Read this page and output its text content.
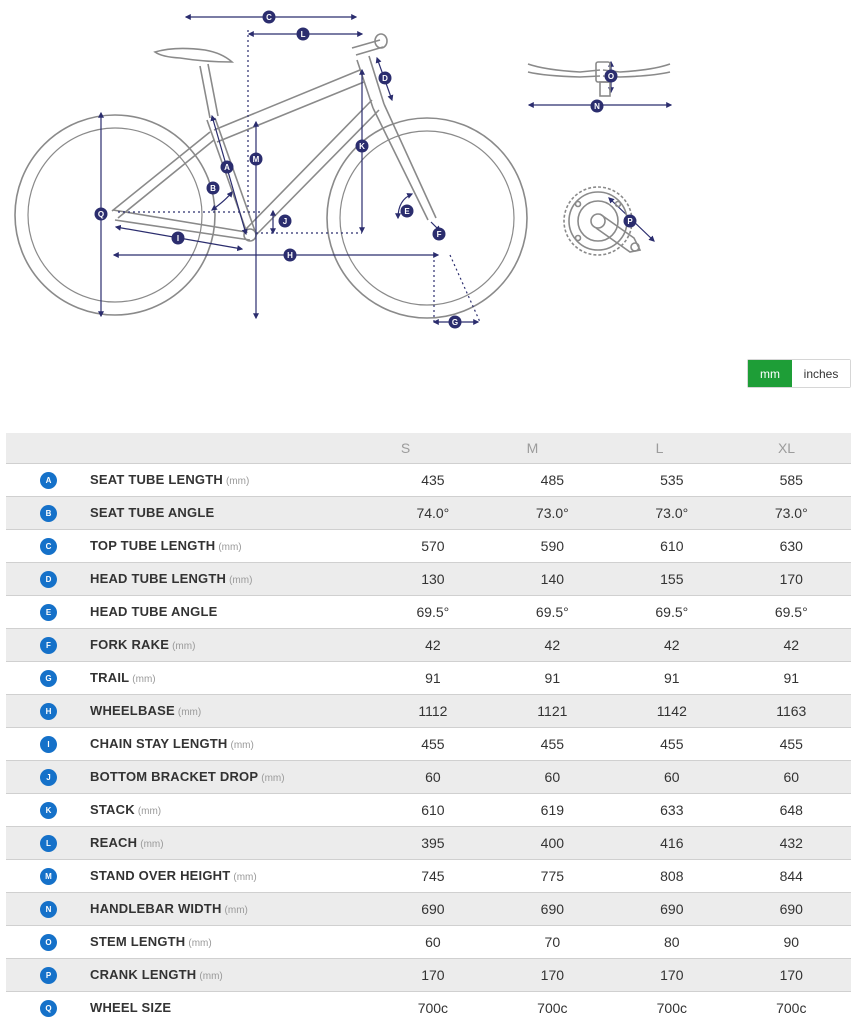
C
L
D
K
M
A
B
Q
J
I
H
E
F
G
N
O
P
mm	inches
S	M	L	XL
A	SEAT TUBE LENGTH (mm)	435	485	535	585
B	SEAT TUBE ANGLE	74.0°	73.0°	73.0°	73.0°
C	TOP TUBE LENGTH (mm)	570	590	610	630
D	HEAD TUBE LENGTH (mm)	130	140	155	170
E	HEAD TUBE ANGLE	69.5°	69.5°	69.5°	69.5°
F	FORK RAKE (mm)	42	42	42	42
G	TRAIL (mm)	91	91	91	91
H	WHEELBASE (mm)	1112	1121	1142	1163
I	CHAIN STAY LENGTH (mm)	455	455	455	455
J	BOTTOM BRACKET DROP (mm)	60	60	60	60
K	STACK (mm)	610	619	633	648
L	REACH (mm)	395	400	416	432
M	STAND OVER HEIGHT (mm)	745	775	808	844
N	HANDLEBAR WIDTH (mm)	690	690	690	690
O	STEM LENGTH (mm)	60	70	80	90
P	CRANK LENGTH (mm)	170	170	170	170
Q	WHEEL SIZE	700c	700c	700c	700c
